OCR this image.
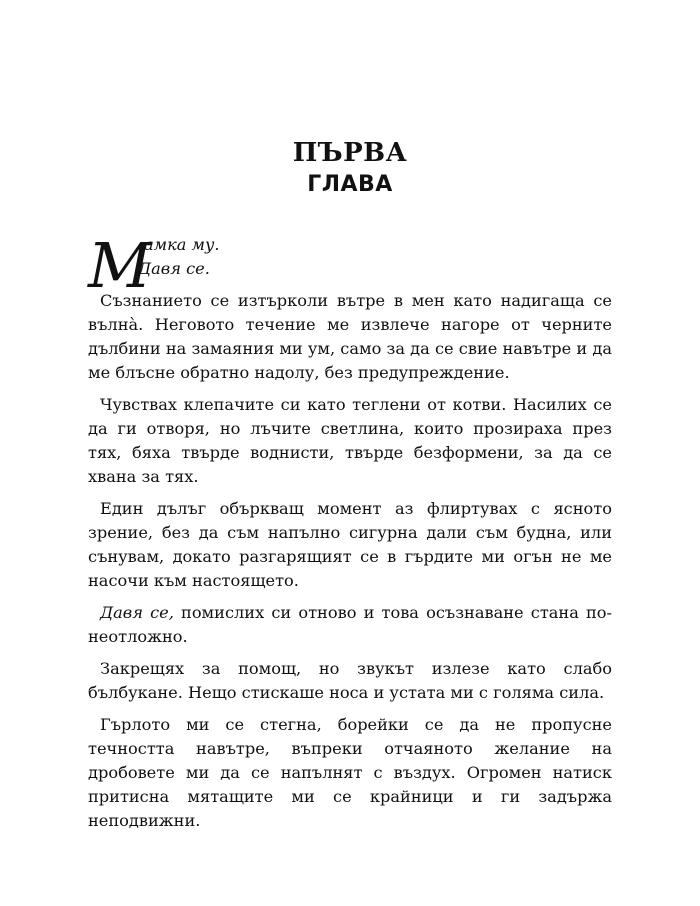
ПЪРВА
ГЛАВА
М
амка му.
Давя се.

Съзнанието се изтъркoли вътре в мен като надигаща се вълнà. Неговото течение ме извлече нагоре от черните дълбини на замаяния ми ум, само за да се свие навътре и да ме блъсне обратно надолу, без предупреждение.

Чувствах клепачите си като теглени от котви. Насилих се да ги отворя, но лъчите светлина, които прозираха през тях, бяха твърде воднисти, твърде безформени, за да се хвана за тях.

Един дълъг объркващ момент аз флиртувах с ясното зрение, без да съм напълно сигурна дали съм будна, или сънувам, докато разгарящият се в гърдите ми огън не ме насочи към настоящето.

Давя се, помислих си отново и това осъзнаване стана по-неотложно.

Закрещях за помощ, но звукът излезе като слабо бълбукане. Нещо стискаше носа и устата ми с голяма сила.

Гърлото ми се стегна, борейки се да не пропусне течността навътре, въпреки отчаяното желание на дробовете ми да се напълнят с въздух. Огромен натиск притисна мятащите ми се крайници и ги задържа неподвижни.
